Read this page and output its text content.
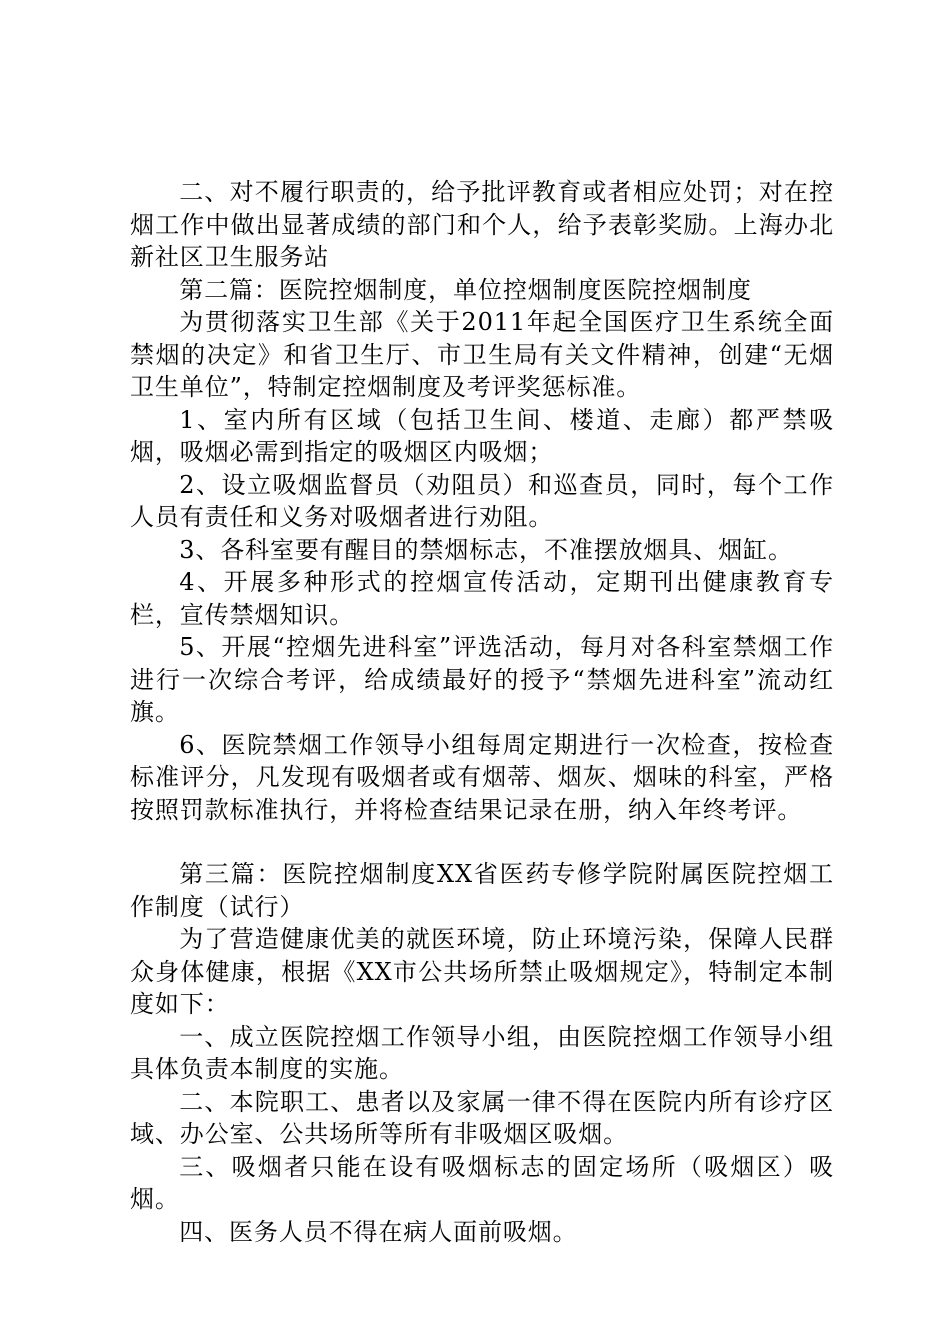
二、对不履行职责的，给予批评教育或者相应处罚；对在控烟工作中做出显著成绩的部门和个人，给予表彰奖励。上海办北新社区卫生服务站

第二篇：医院控烟制度，单位控烟制度医院控烟制度

为贯彻落实卫生部《关于2011年起全国医疗卫生系统全面禁烟的决定》和省卫生厅、市卫生局有关文件精神，创建“无烟卫生单位”，特制定控烟制度及考评奖惩标准。

1、室内所有区域（包括卫生间、楼道、走廊）都严禁吸烟，吸烟必需到指定的吸烟区内吸烟；

2、设立吸烟监督员（劝阻员）和巡查员，同时，每个工作人员有责任和义务对吸烟者进行劝阻。

3、各科室要有醒目的禁烟标志，不准摆放烟具、烟缸。

4、开展多种形式的控烟宣传活动，定期刊出健康教育专栏，宣传禁烟知识。

5、开展“控烟先进科室”评选活动，每月对各科室禁烟工作进行一次综合考评，给成绩最好的授予“禁烟先进科室”流动红旗。

6、医院禁烟工作领导小组每周定期进行一次检查，按检查标准评分，凡发现有吸烟者或有烟蒂、烟灰、烟味的科室，严格按照罚款标准执行，并将检查结果记录在册，纳入年终考评。

第三篇：医院控烟制度XX省医药专修学院附属医院控烟工作制度（试行）

为了营造健康优美的就医环境，防止环境污染，保障人民群众身体健康，根据《XX市公共场所禁止吸烟规定》，特制定本制度如下：

一、成立医院控烟工作领导小组，由医院控烟工作领导小组具体负责本制度的实施。

二、本院职工、患者以及家属一律不得在医院内所有诊疗区域、办公室、公共场所等所有非吸烟区吸烟。

三、吸烟者只能在设有吸烟标志的固定场所（吸烟区）吸烟。

四、医务人员不得在病人面前吸烟。
